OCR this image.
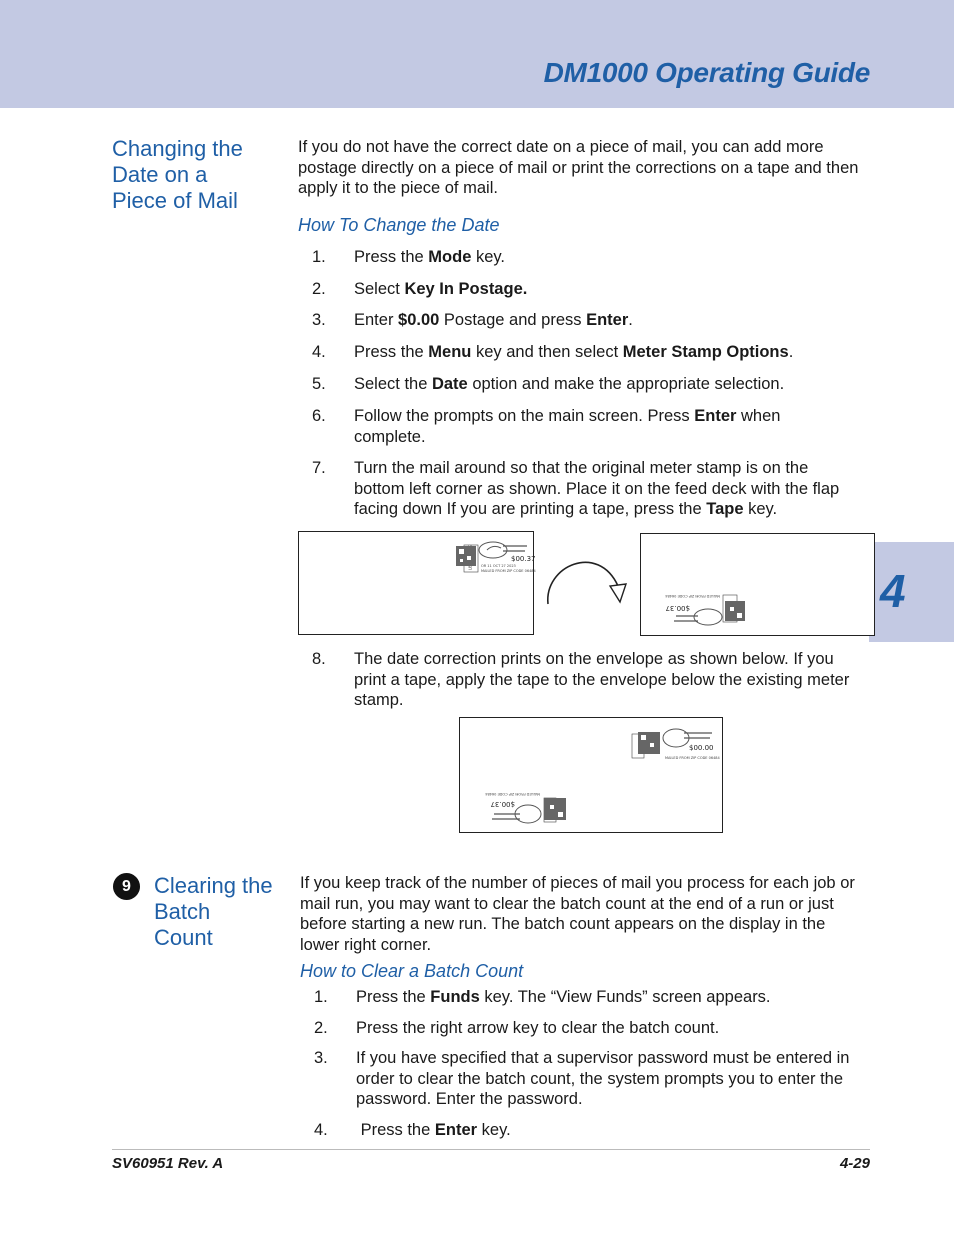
DM1000 Operating Guide
4
Changing the
Date on a
Piece of Mail

If you do not have the correct date on a piece of mail, you can add more postage directly on a piece of mail or print the corrections on a tape and then apply it to the piece of mail.

How To Change the Date
1. Press the Mode key.
2. Select Key In Postage.
3. Enter $0.00 Postage and press Enter.
4. Press the Menu key and then select Meter Stamp Options.
5. Select the Date option and make the appropriate selection.
6. Follow the prompts on the main screen. Press Enter when complete.
7. Turn the mail around so that the original meter stamp is on the bottom left corner as shown. Place it on the feed deck with the flap facing down If you are printing a tape, press the Tape key.
US
$00.37
OR 11 OCT 27 2023
MAILED FROM ZIP CODE 06484
$00.37
MAILED FROM ZIP CODE 06484
8. The date correction prints on the envelope as shown below. If you print a tape, apply the tape to the envelope below the existing meter stamp.
$00.00
MAILED FROM ZIP CODE 06484
$00.37
MAILED FROM ZIP CODE 06484
9	Clearing the
Batch
Count

If you keep track of the number of pieces of mail you process for each job or mail run, you may want to clear the batch count at the end of a run or just before starting a new run. The batch count appears on the display in the lower right corner.

How to Clear a Batch Count
1. Press the Funds key. The “View Funds” screen appears.
2. Press the right arrow key to clear the batch count.
3. If you have specified that a supervisor password must be entered in order to clear the batch count, the system prompts you to enter the password. Enter the password.
4. Press the Enter key.
SV60951 Rev. A	4-29
